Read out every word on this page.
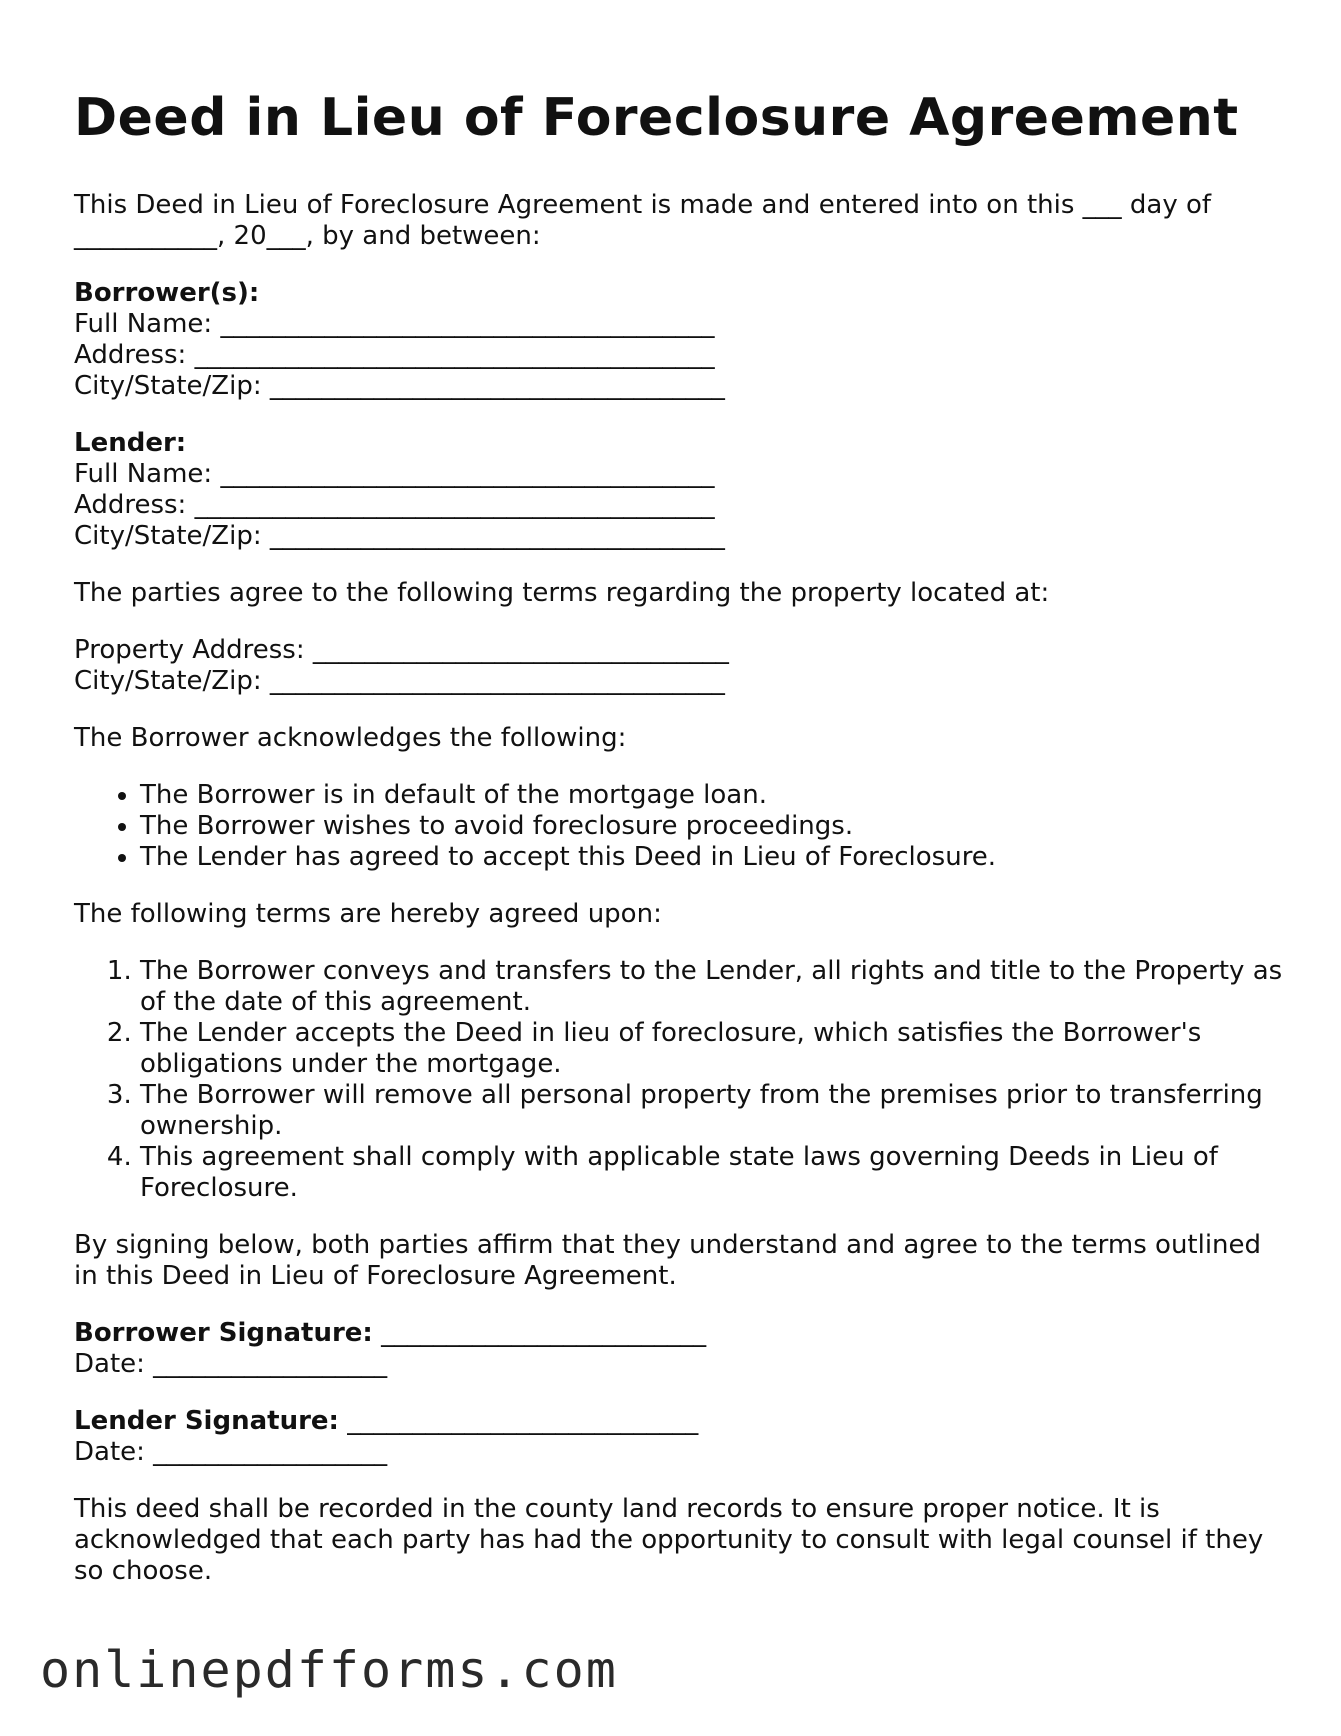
Deed in Lieu of Foreclosure Agreement

This Deed in Lieu of Foreclosure Agreement is made and entered into on this ___ day of ___________, 20___, by and between:

Borrower(s):
Full Name: ______________________________________
Address: ________________________________________
City/State/Zip: ___________________________________
Lender:
Full Name: ______________________________________
Address: ________________________________________
City/State/Zip: ___________________________________

The parties agree to the following terms regarding the property located at:

Property Address: ________________________________
City/State/Zip: ___________________________________

The Borrower acknowledges the following:

• The Borrower is in default of the mortgage loan.
• The Borrower wishes to avoid foreclosure proceedings.
• The Lender has agreed to accept this Deed in Lieu of Foreclosure.

The following terms are hereby agreed upon:

1. The Borrower conveys and transfers to the Lender, all rights and title to the Property as of the date of this agreement.
2. The Lender accepts the Deed in lieu of foreclosure, which satisfies the Borrower's obligations under the mortgage.
3. The Borrower will remove all personal property from the premises prior to transferring ownership.
4. This agreement shall comply with applicable state laws governing Deeds in Lieu of Foreclosure.

By signing below, both parties affirm that they understand and agree to the terms outlined in this Deed in Lieu of Foreclosure Agreement.

Borrower Signature: _________________________
Date: __________________
Lender Signature: ___________________________
Date: __________________

This deed shall be recorded in the county land records to ensure proper notice. It is acknowledged that each party has had the opportunity to consult with legal counsel if they so choose.

onlinepdfforms.com
